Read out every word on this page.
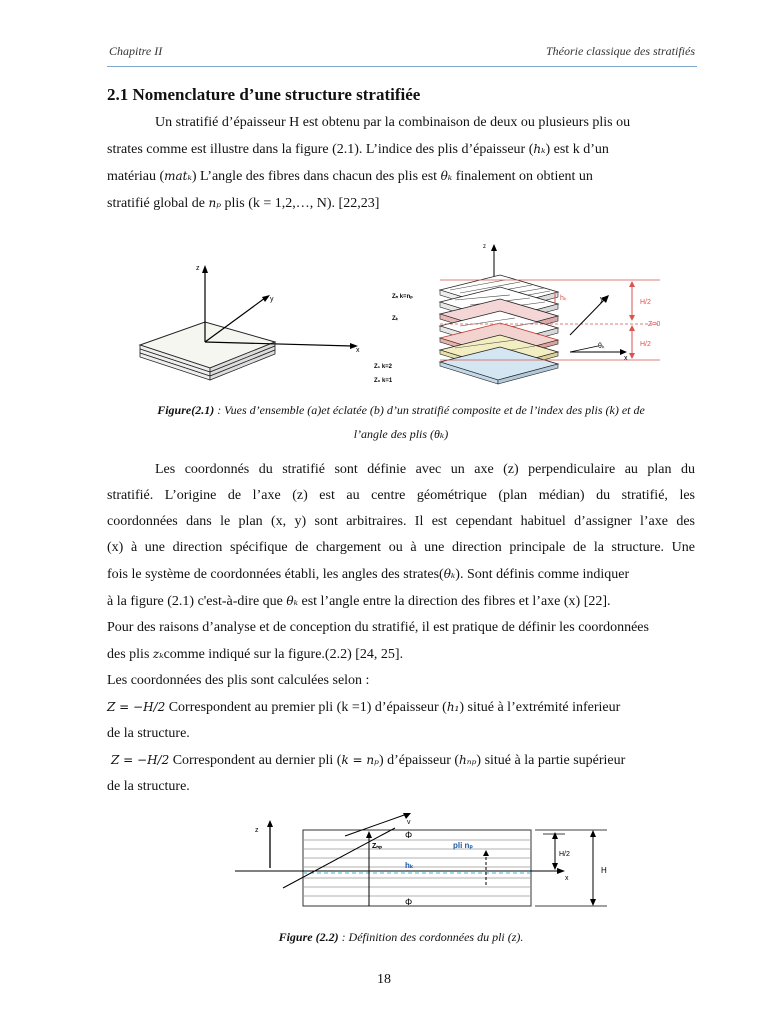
Chapitre II	Théorie classique des stratifiés
2.1 Nomenclature d’une structure stratifiée
Un stratifié d’épaisseur H est obtenu par la combinaison de deux ou plusieurs plis ou
strates comme est illustre dans la figure (2.1). L’indice des plis d’épaisseur (hₖ) est k d’un
matériau (matₖ) L’angle des fibres dans chacun des plis est θₖ finalement on obtient un
stratifié global de nₚ plis (k = 1,2,…, N). [22,23]
z
y
x
z
H/2
Z=0
H/2
hₖ	y
x
θₖ
Zₙ k=nₚ
Zₖ
Z₁ k=2
Z₀ k=1
Figure(2.1) : Vues d’ensemble (a)et éclatée (b) d’un stratifié composite et de l’index des plis (k) et de
l’angle des plis (θₖ)
Les coordonnés du stratifié sont définie avec un axe (z) perpendiculaire au plan du
stratifié. L’origine de l’axe (z) est au centre géométrique (plan médian) du stratifié, les
coordonnées dans le plan (x, y) sont arbitraires. Il est cependant habituel d’assigner l’axe des
(x) à une direction spécifique de chargement ou à une direction principale de la structure. Une
fois le système de coordonnées établi, les angles des strates(θₖ). Sont définis comme indiquer
à la figure (2.1) c'est-à-dire que θₖ est l’angle entre la direction des fibres et l’axe (x) [22].
Pour des raisons d’analyse et de conception du stratifié, il est pratique de définir les coordonnées
des plis zₖcomme indiqué sur la figure.(2.2) [24, 25].
Les coordonnées des plis sont calculées selon :
Z = −H/2 Correspondent au premier pli (k =1) d’épaisseur (h₁) situé à l’extrémité inferieur
de la structure.
Z = −H/2 Correspondent au dernier pli (k = nₚ) d’épaisseur (hₙₚ) situé à la partie supérieur
de la structure.
z
x
v
Zₙₚ	pli nₚ
hₖ
Φ
Φ
H/2
H
Figure (2.2) : Définition des cordonnées du pli (z).
18
